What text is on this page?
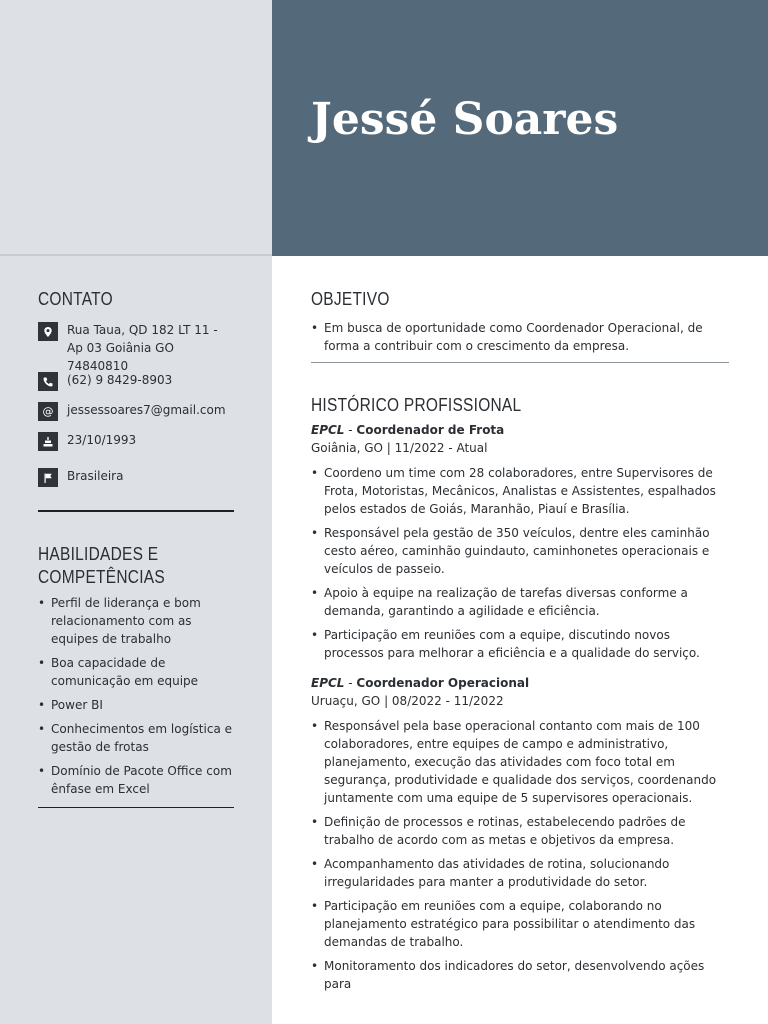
Jessé Soares
CONTATO
Rua Taua, QD 182 LT 11 - Ap 03 Goiânia GO 74840810
(62) 9 8429-8903
@	jessessoares7@gmail.com
23/10/1993
Brasileira
HABILIDADES E COMPETÊNCIAS
• Perfil de liderança e bom relacionamento com as equipes de trabalho
• Boa capacidade de comunicação em equipe
• Power BI
• Conhecimentos em logística e gestão de frotas
• Domínio de Pacote Office com ênfase em Excel
OBJETIVO
• Em busca de oportunidade como Coordenador Operacional, de forma a contribuir com o crescimento da empresa.
HISTÓRICO PROFISSIONAL
EPCL - Coordenador de Frota
Goiânia, GO | 11/2022 - Atual
• Coordeno um time com 28 colaboradores, entre Supervisores de Frota, Motoristas, Mecânicos, Analistas e Assistentes, espalhados pelos estados de Goiás, Maranhão, Piauí e Brasília.
• Responsável pela gestão de 350 veículos, dentre eles caminhão cesto aéreo, caminhão guindauto, caminhonetes operacionais e veículos de passeio.
• Apoio à equipe na realização de tarefas diversas conforme a demanda, garantindo a agilidade e eficiência.
• Participação em reuniões com a equipe, discutindo novos processos para melhorar a eficiência e a qualidade do serviço.
EPCL - Coordenador Operacional
Uruaçu, GO | 08/2022 - 11/2022
• Responsável pela base operacional contanto com mais de 100 colaboradores, entre equipes de campo e administrativo, planejamento, execução das atividades com foco total em segurança, produtividade e qualidade dos serviços, coordenando juntamente com uma equipe de 5 supervisores operacionais.
• Definição de processos e rotinas, estabelecendo padrões de trabalho de acordo com as metas e objetivos da empresa.
• Acompanhamento das atividades de rotina, solucionando irregularidades para manter a produtividade do setor.
• Participação em reuniões com a equipe, colaborando no planejamento estratégico para possibilitar o atendimento das demandas de trabalho.
• Monitoramento dos indicadores do setor, desenvolvendo ações para
